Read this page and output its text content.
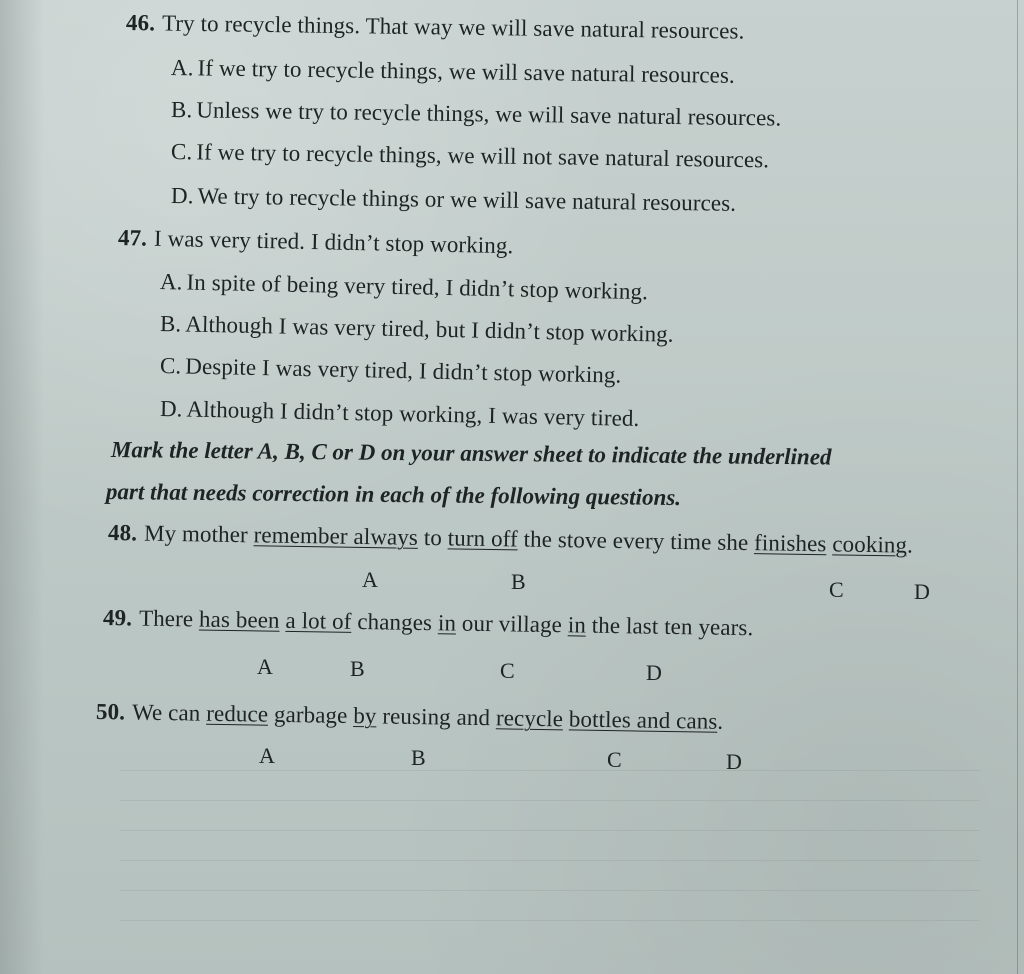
46. Try to recycle things. That way we will save natural resources.
A. If we try to recycle things, we will save natural resources.
B. Unless we try to recycle things, we will save natural resources.
C. If we try to recycle things, we will not save natural resources.
D. We try to recycle things or we will save natural resources.
47. I was very tired. I didn’t stop working.
A. In spite of being very tired, I didn’t stop working.
B. Although I was very tired, but I didn’t stop working.
C. Despite I was very tired, I didn’t stop working.
D. Although I didn’t stop working, I was very tired.
Mark the letter A, B, C or D on your answer sheet to indicate the underlined
part that needs correction in each of the following questions.
48. My mother remember always to turn off the stove every time she finishes cooking.
A	B	C	D
49. There has been a lot of changes in our village in the last ten years.
A	B	C	D
50. We can reduce garbage by reusing and recycle bottles and cans.
A	B	C	D
